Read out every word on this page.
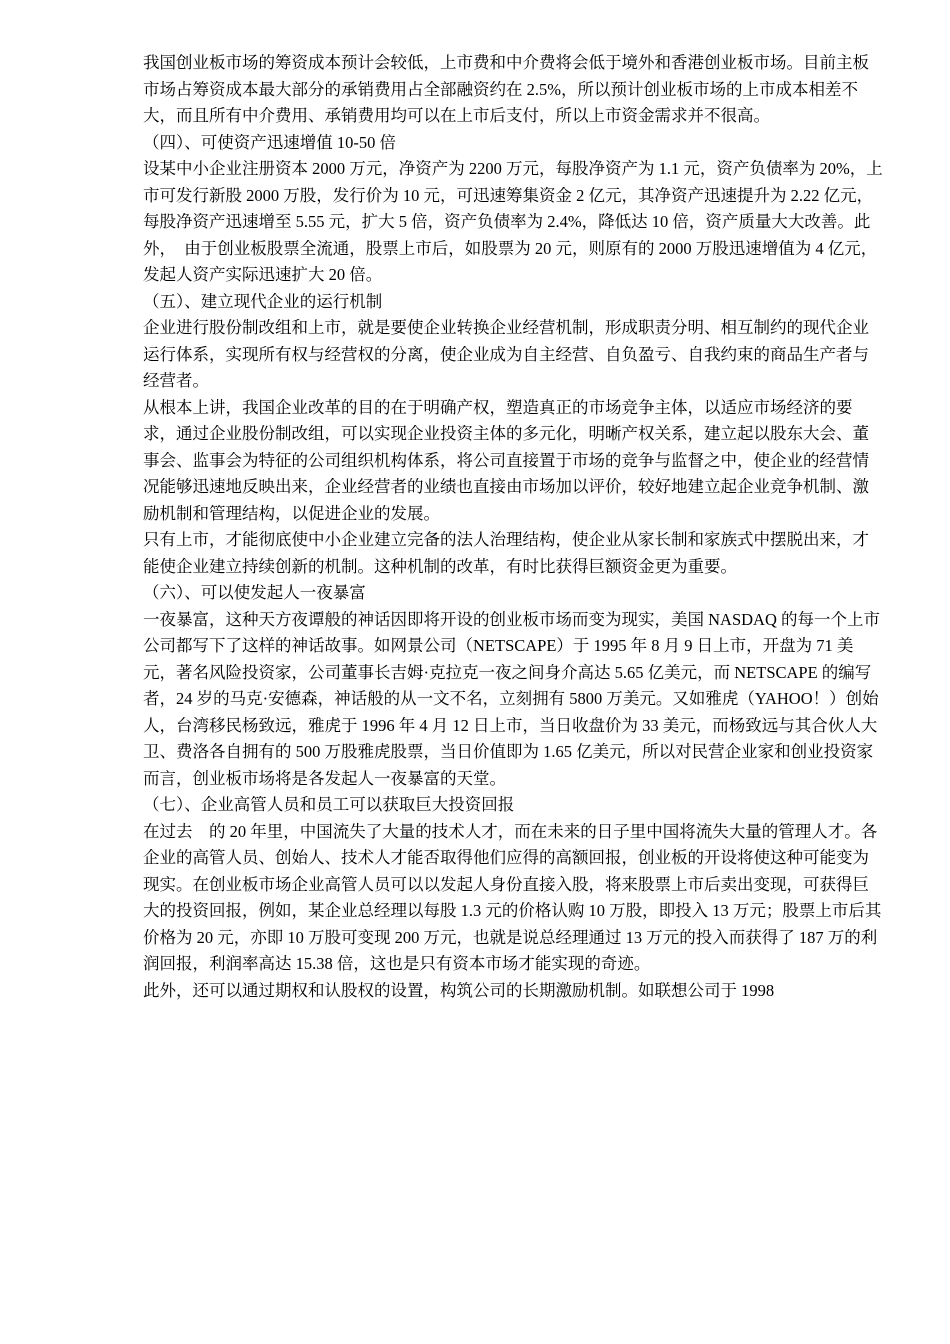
我国创业板市场的筹资成本预计会较低，上市费和中介费将会低于境外和香港创业板市场。目前主板市场占筹资成本最大部分的承销费用占全部融资约在 2.5%，所以预计创业板市场的上市成本相差不大，而且所有中介费用、承销费用均可以在上市后支付，所以上市资金需求并不很高。

（四）、可使资产迅速增值 10-50 倍

设某中小企业注册资本 2000 万元，净资产为 2200 万元，每股净资产为 1.1 元，资产负债率为 20%，上市可发行新股 2000 万股，发行价为 10 元，可迅速筹集资金 2 亿元，其净资产迅速提升为 2.22 亿元，每股净资产迅速增至 5.55 元，扩大 5 倍，资产负债率为 2.4%，降低达 10 倍，资产质量大大改善。此外，　由于创业板股票全流通，股票上市后，如股票为 20 元，则原有的 2000 万股迅速增值为 4 亿元，发起人资产实际迅速扩大 20 倍。

（五）、建立现代企业的运行机制

企业进行股份制改组和上市，就是要使企业转换企业经营机制，形成职责分明、相互制约的现代企业运行体系，实现所有权与经营权的分离，使企业成为自主经营、自负盈亏、自我约束的商品生产者与经营者。

从根本上讲，我国企业改革的目的在于明确产权，塑造真正的市场竞争主体，以适应市场经济的要求，通过企业股份制改组，可以实现企业投资主体的多元化，明晰产权关系，建立起以股东大会、董事会、监事会为特征的公司组织机构体系，将公司直接置于市场的竞争与监督之中，使企业的经营情况能够迅速地反映出来，企业经营者的业绩也直接由市场加以评价，较好地建立起企业竞争机制、激励机制和管理结构，以促进企业的发展。

只有上市，才能彻底使中小企业建立完备的法人治理结构，使企业从家长制和家族式中摆脱出来，才能使企业建立持续创新的机制。这种机制的改革，有时比获得巨额资金更为重要。

（六）、可以使发起人一夜暴富

一夜暴富，这种天方夜谭般的神话因即将开设的创业板市场而变为现实，美国 NASDAQ 的每一个上市公司都写下了这样的神话故事。如网景公司（NETSCAPE）于 1995 年 8 月 9 日上市，开盘为 71 美元，著名风险投资家，公司董事长吉姆·克拉克一夜之间身介高达 5.65 亿美元，而 NETSCAPE 的编写者，24 岁的马克·安德森，神话般的从一文不名，立刻拥有 5800 万美元。又如雅虎（YAHOO！）创始人，台湾移民杨致远，雅虎于 1996 年 4 月 12 日上市，当日收盘价为 33 美元，而杨致远与其合伙人大卫、费洛各自拥有的 500 万股雅虎股票，当日价值即为 1.65 亿美元，所以对民营企业家和创业投资家而言，创业板市场将是各发起人一夜暴富的天堂。

（七）、企业高管人员和员工可以获取巨大投资回报

在过去　的 20 年里，中国流失了大量的技术人才，而在未来的日子里中国将流失大量的管理人才。各企业的高管人员、创始人、技术人才能否取得他们应得的高额回报，创业板的开设将使这种可能变为现实。在创业板市场企业高管人员可以以发起人身份直接入股，将来股票上市后卖出变现，可获得巨大的投资回报，例如，某企业总经理以每股 1.3 元的价格认购 10 万股，即投入 13 万元；股票上市后其价格为 20 元，亦即 10 万股可变现 200 万元，也就是说总经理通过 13 万元的投入而获得了 187 万的利润回报，利润率高达 15.38 倍，这也是只有资本市场才能实现的奇迹。

此外，还可以通过期权和认股权的设置，构筑公司的长期激励机制。如联想公司于 1998
